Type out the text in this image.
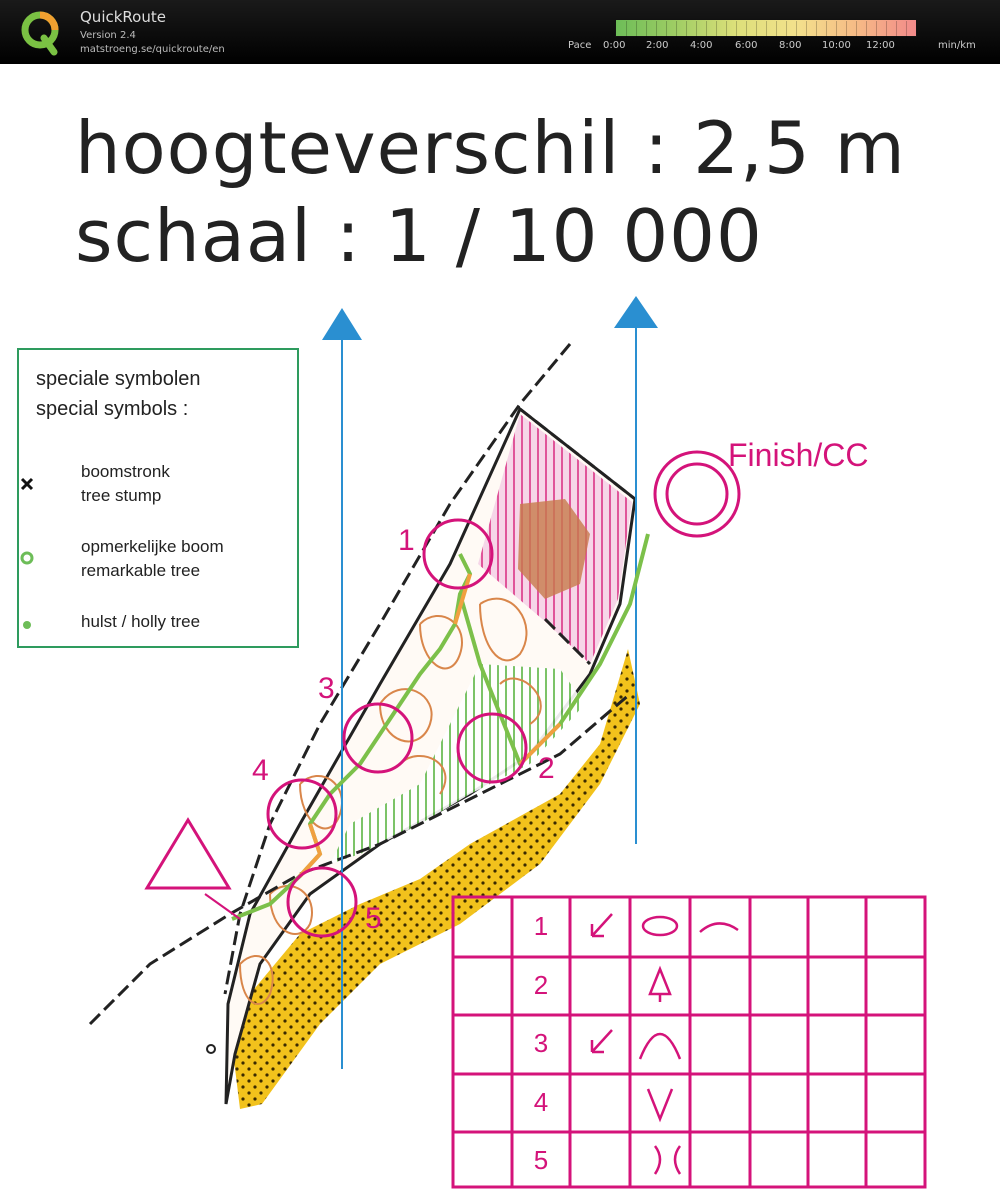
QuickRoute
Version 2.4
matstroeng.se/quickroute/en	Pace 0:00 2:00 4:00 6:00 8:00 10:00 12:00	min/km
hoogteverschil : 2,5 m
schaal : 1 / 10 000
speciale symbolen
special symbols :
boomstronk
tree stump
opmerkelijke boom
remarkable tree
hulst / holly tree
Finish/CC
1
2
3
4
5	1
2
3
4
5
